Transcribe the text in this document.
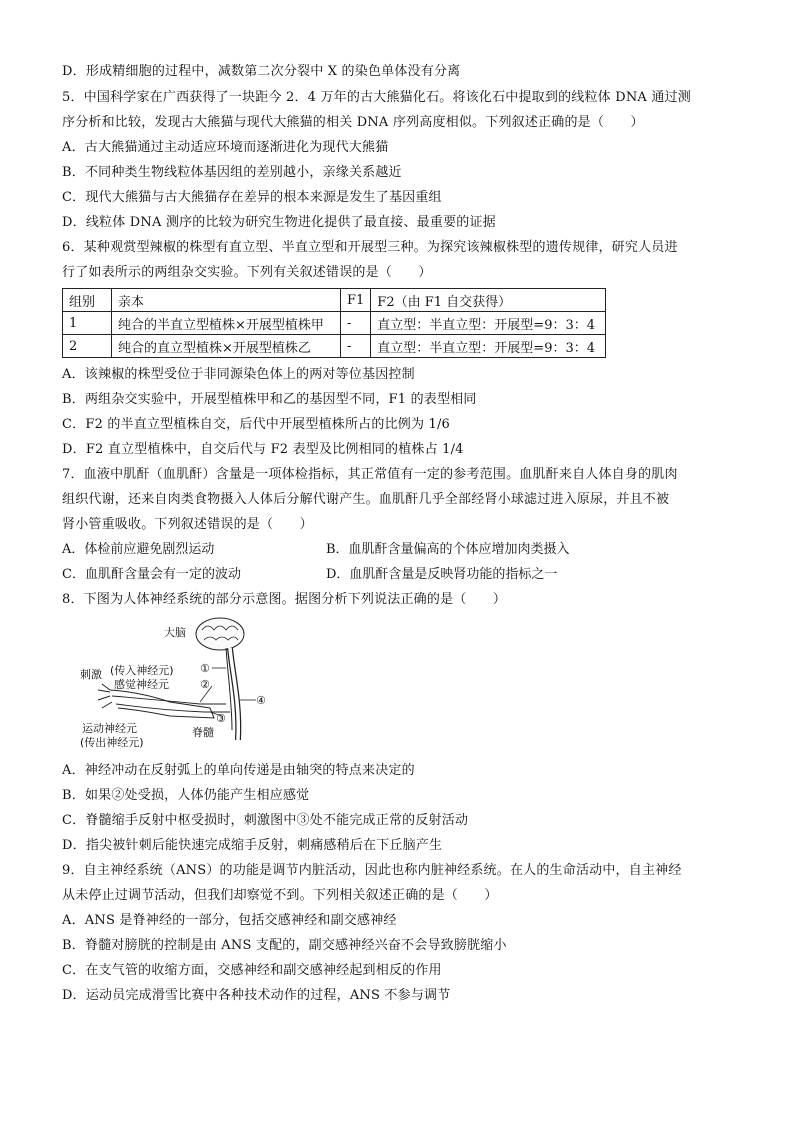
D．形成精细胞的过程中，减数第二次分裂中 X 的染色单体没有分离
5．中国科学家在广西获得了一块距今 2．4 万年的古大熊猫化石。将该化石中提取到的线粒体 DNA 通过测
序分析和比较，发现古大熊猫与现代大熊猫的相关 DNA 序列高度相似。下列叙述正确的是（　　）
A．古大熊猫通过主动适应环境而逐渐进化为现代大熊猫
B．不同种类生物线粒体基因组的差别越小，亲缘关系越近
C．现代大熊猫与古大熊猫存在差异的根本来源是发生了基因重组
D．线粒体 DNA 测序的比较为研究生物进化提供了最直接、最重要的证据
6．某种观赏型辣椒的株型有直立型、半直立型和开展型三种。为探究该辣椒株型的遗传规律，研究人员进
行了如表所示的两组杂交实验。下列有关叙述错误的是（　　）
组别	亲本	F1	F2（由 F1 自交获得）
1	纯合的半直立型植株×开展型植株甲	-	直立型：半直立型：开展型=9：3：4
2	纯合的直立型植株×开展型植株乙	-	直立型：半直立型：开展型=9：3：4
A．该辣椒的株型受位于非同源染色体上的两对等位基因控制
B．两组杂交实验中，开展型植株甲和乙的基因型不同，F1 的表型相同
C．F2 的半直立型植株自交，后代中开展型植株所占的比例为 1/6
D．F2 直立型植株中，自交后代与 F2 表型及比例相同的植株占 1/4
7．血液中肌酐（血肌酐）含量是一项体检指标，其正常值有一定的参考范围。血肌酐来自人体自身的肌肉
组织代谢，还来自肉类食物摄入人体后分解代谢产生。血肌酐几乎全部经肾小球滤过进入原尿，并且不被
肾小管重吸收。下列叙述错误的是（　　）
A．体检前应避免剧烈运动	B．血肌酐含量偏高的个体应增加肉类摄入
C．血肌酐含量会有一定的波动	D．血肌酐含量是反映肾功能的指标之一
8．下图为人体神经系统的部分示意图。据图分析下列说法正确的是（　　）
大脑
刺激 (传入神经元)
感觉神经元
运动神经元
(传出神经元)
脊髓
①
②
③
④
A．神经冲动在反射弧上的单向传递是由轴突的特点来决定的
B．如果②处受损，人体仍能产生相应感觉
C．脊髓缩手反射中枢受损时，刺激图中③处不能完成正常的反射活动
D．指尖被针刺后能快速完成缩手反射，刺痛感稍后在下丘脑产生
9．自主神经系统（ANS）的功能是调节内脏活动，因此也称内脏神经系统。在人的生命活动中，自主神经
从未停止过调节活动，但我们却察觉不到。下列相关叙述正确的是（　　）
A．ANS 是脊神经的一部分，包括交感神经和副交感神经
B．脊髓对膀胱的控制是由 ANS 支配的，副交感神经兴奋不会导致膀胱缩小
C．在支气管的收缩方面，交感神经和副交感神经起到相反的作用
D．运动员完成滑雪比赛中各种技术动作的过程，ANS 不参与调节
